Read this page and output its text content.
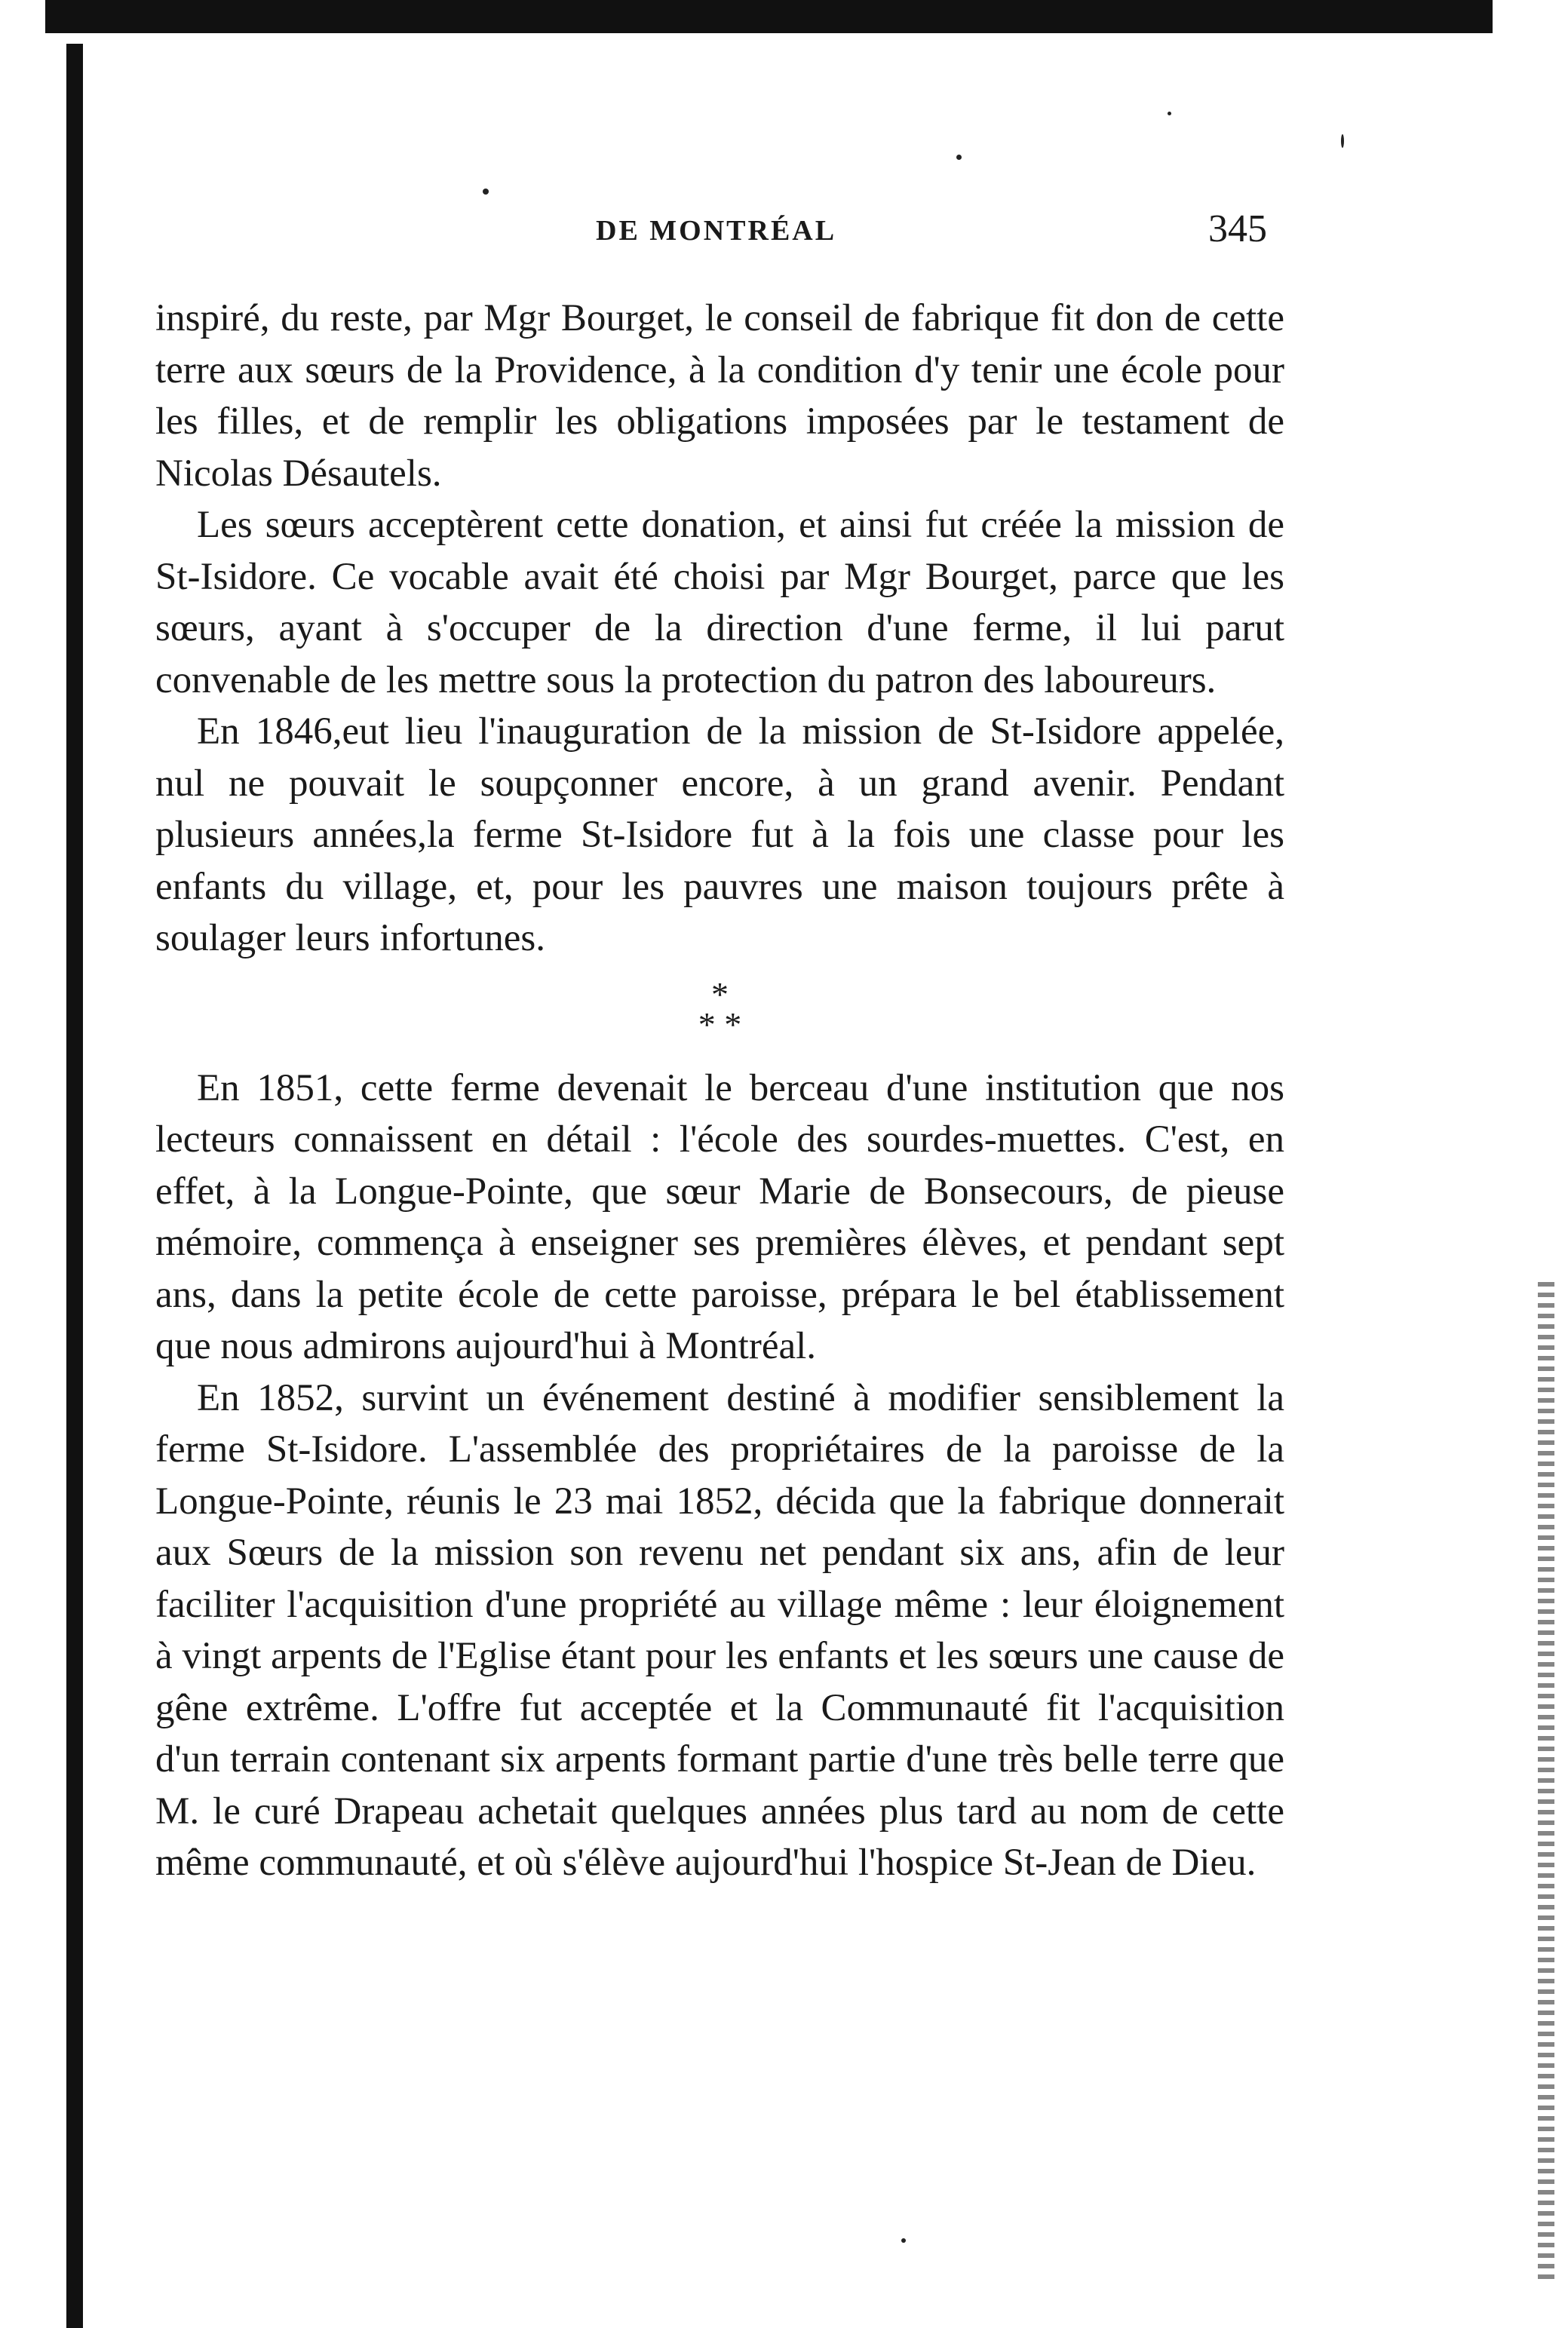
DE MONTRÉAL	345

inspiré, du reste, par Mgr Bourget, le conseil de fabrique fit don de cette terre aux sœurs de la Providence, à la condition d'y tenir une école pour les filles, et de remplir les obligations imposées par le testament de Nicolas Désautels.

Les sœurs acceptèrent cette donation, et ainsi fut créée la mission de St-Isidore. Ce vocable avait été choisi par Mgr Bourget, parce que les sœurs, ayant à s'occuper de la direction d'une ferme, il lui parut convenable de les mettre sous la protection du patron des laboureurs.

En 1846,eut lieu l'inauguration de la mission de St-Isidore appelée, nul ne pouvait le soupçonner encore, à un grand avenir. Pendant plusieurs années,la ferme St-Isidore fut à la fois une classe pour les enfants du village, et, pour les pauvres une maison toujours prête à soulager leurs infortunes.

*
* *

En 1851, cette ferme devenait le berceau d'une institution que nos lecteurs connaissent en détail : l'école des sourdes-muettes. C'est, en effet, à la Longue-Pointe, que sœur Marie de Bonsecours, de pieuse mémoire, commença à enseigner ses premières élèves, et pendant sept ans, dans la petite école de cette paroisse, prépara le bel établissement que nous admirons aujourd'hui à Montréal.

En 1852, survint un événement destiné à modifier sensiblement la ferme St-Isidore. L'assemblée des propriétaires de la paroisse de la Longue-Pointe, réunis le 23 mai 1852, décida que la fabrique donnerait aux Sœurs de la mission son revenu net pendant six ans, afin de leur faciliter l'acquisition d'une propriété au village même : leur éloignement à vingt arpents de l'Eglise étant pour les enfants et les sœurs une cause de gêne extrême. L'offre fut acceptée et la Communauté fit l'acquisition d'un terrain contenant six arpents formant partie d'une très belle terre que M. le curé Drapeau achetait quelques années plus tard au nom de cette même communauté, et où s'élève aujourd'hui l'hospice St-Jean de Dieu.
